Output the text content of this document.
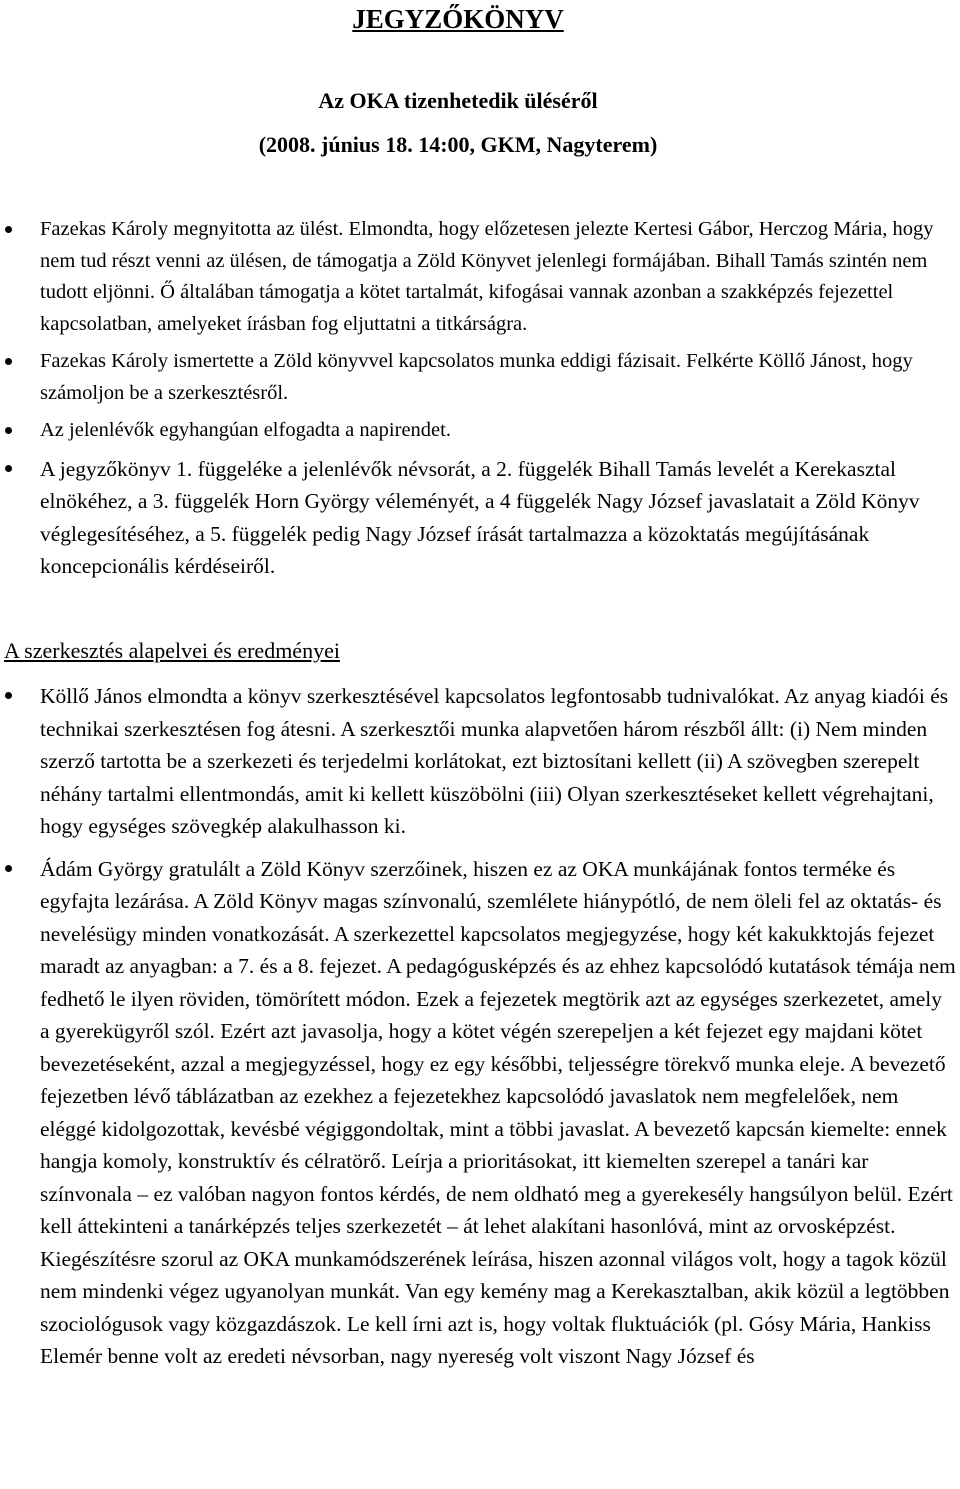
JEGYZŐKÖNYV
Az OKA tizenhetedik üléséről
(2008. június 18. 14:00, GKM, Nagyterem)
Fazekas Károly megnyitotta az ülést. Elmondta, hogy előzetesen jelezte Kertesi Gábor, Herczog Mária, hogy nem tud részt venni az ülésen, de támogatja a Zöld Könyvet jelenlegi formájában. Bihall Tamás szintén nem tudott eljönni. Ő általában támogatja a kötet tartalmát, kifogásai vannak azonban a szakképzés fejezettel kapcsolatban, amelyeket írásban fog eljuttatni a titkárságra.
Fazekas Károly ismertette a Zöld könyvvel kapcsolatos munka eddigi fázisait. Felkérte Köllő Jánost, hogy számoljon be a szerkesztésről.
Az jelenlévők egyhangúan elfogadta a napirendet.
A jegyzőkönyv 1. függeléke a jelenlévők névsorát, a 2. függelék Bihall Tamás levelét a Kerekasztal elnökéhez, a 3. függelék Horn György véleményét, a 4 függelék Nagy József javaslatait a Zöld Könyv véglegesítéséhez, a 5. függelék pedig Nagy József írását tartalmazza a közoktatás megújításának koncepcionális kérdéseiről.
A szerkesztés alapelvei és eredményei
Köllő János elmondta a könyv szerkesztésével kapcsolatos legfontosabb tudnivalókat. Az anyag kiadói és technikai szerkesztésen fog átesni. A szerkesztői munka alapvetően három részből állt: (i) Nem minden szerző tartotta be a szerkezeti és terjedelmi korlátokat, ezt biztosítani kellett (ii) A szövegben szerepelt néhány tartalmi ellentmondás, amit ki kellett küszöbölni (iii) Olyan szerkesztéseket kellett végrehajtani, hogy egységes szövegkép alakulhasson ki.
Ádám György gratulált a Zöld Könyv szerzőinek, hiszen ez az OKA munkájának fontos terméke és egyfajta lezárása. A Zöld Könyv magas színvonalú, szemlélete hiánypótló, de nem öleli fel az oktatás- és nevelésügy minden vonatkozását. A szerkezettel kapcsolatos megjegyzése, hogy két kakukktojás fejezet maradt az anyagban: a 7. és a 8. fejezet. A pedagógusképzés és az ehhez kapcsolódó kutatások témája nem fedhető le ilyen röviden, tömörített módon. Ezek a fejezetek megtörik azt az egységes szerkezetet, amely a gyerekügyről szól. Ezért azt javasolja, hogy a kötet végén szerepeljen a két fejezet egy majdani kötet bevezetéseként, azzal a megjegyzéssel, hogy ez egy későbbi, teljességre törekvő munka eleje. A bevezető fejezetben lévő táblázatban az ezekhez a fejezetekhez kapcsolódó javaslatok nem megfelelőek, nem eléggé kidolgozottak, kevésbé végiggondoltak, mint a többi javaslat. A bevezető kapcsán kiemelte: ennek hangja komoly, konstruktív és célratörő. Leírja a prioritásokat, itt kiemelten szerepel a tanári kar színvonala – ez valóban nagyon fontos kérdés, de nem oldható meg a gyerekesély hangsúlyon belül. Ezért kell áttekinteni a tanárképzés teljes szerkezetét – át lehet alakítani hasonlóvá, mint az orvosképzést. Kiegészítésre szorul az OKA munkamódszerének leírása, hiszen azonnal világos volt, hogy a tagok közül nem mindenki végez ugyanolyan munkát. Van egy kemény mag a Kerekasztalban, akik közül a legtöbben szociológusok vagy közgazdászok. Le kell írni azt is, hogy voltak fluktuációk (pl. Gósy Mária, Hankiss Elemér benne volt az eredeti névsorban, nagy nyereség volt viszont Nagy József és
